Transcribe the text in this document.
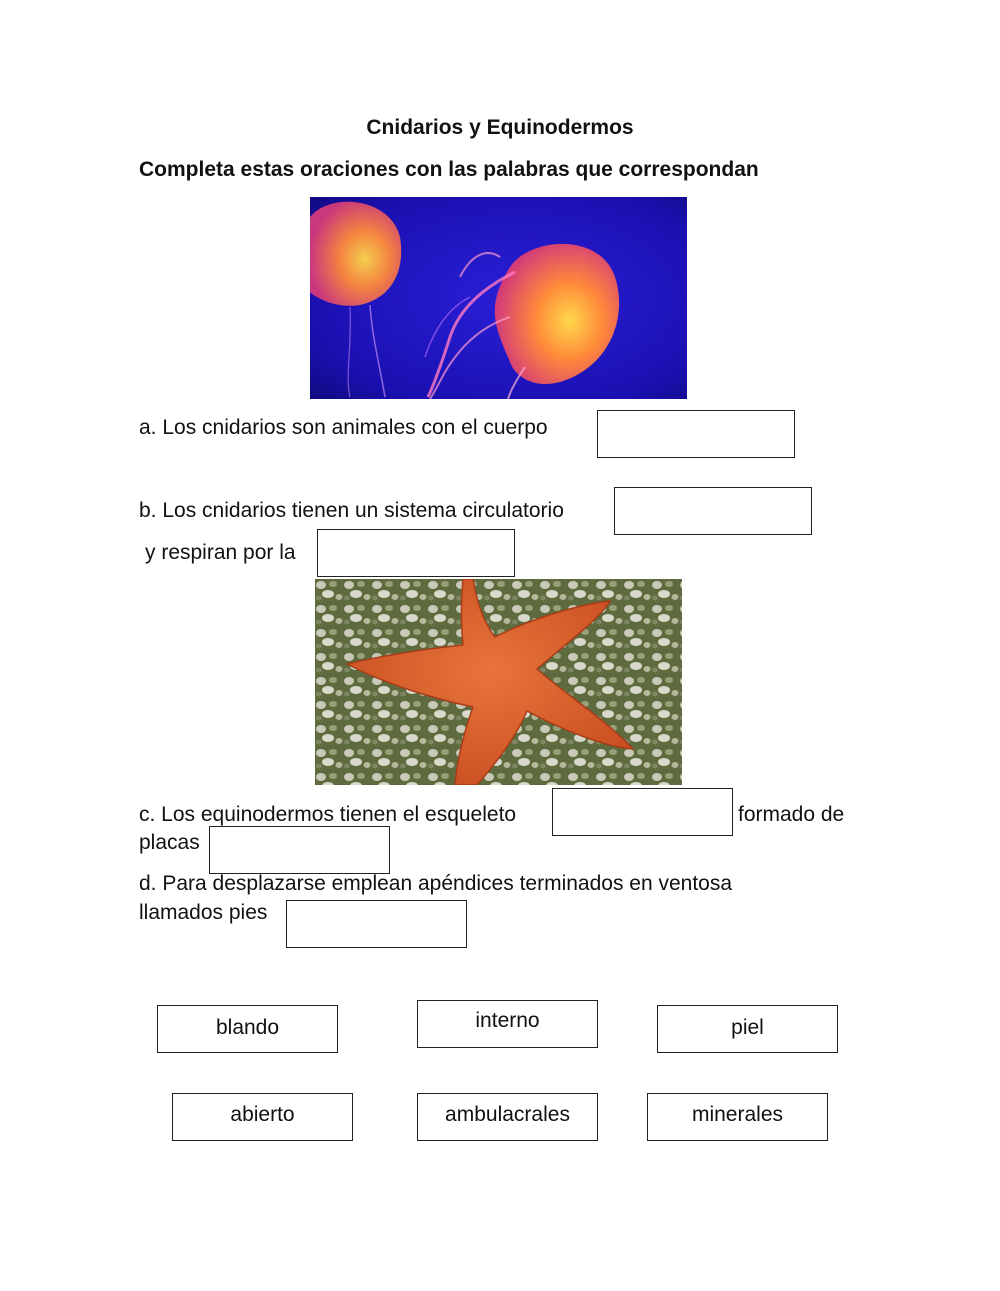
Cnidarios y Equinodermos
Completa estas oraciones con las palabras que correspondan
a. Los cnidarios son animales con el cuerpo
b. Los cnidarios tienen un sistema circulatorio
y respiran por la
c. Los equinodermos tienen el esqueleto	formado de
placas
d. Para desplazarse emplean apéndices terminados en ventosa
llamados pies
blando	interno	piel
abierto	ambulacrales	minerales
